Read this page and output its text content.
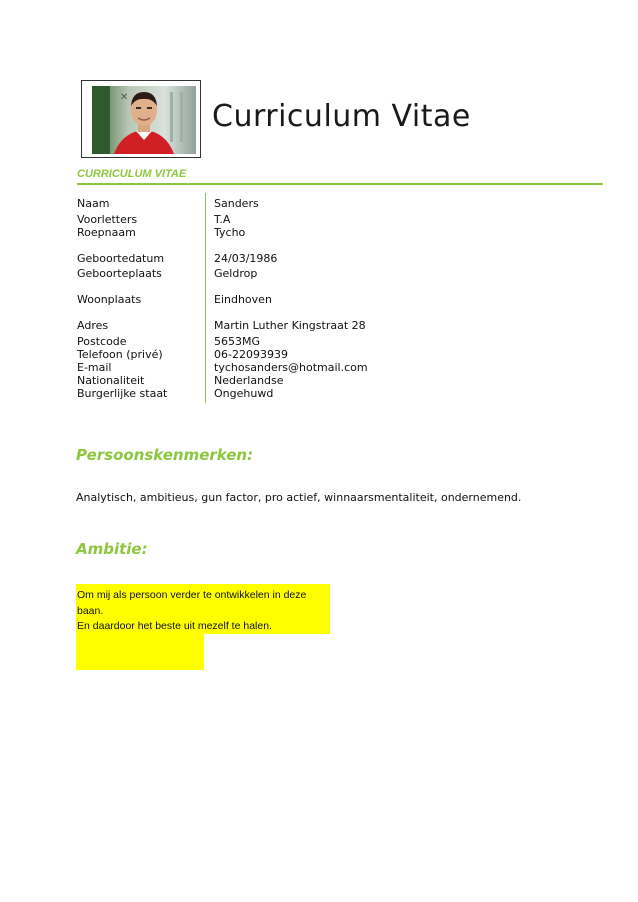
✕
Curriculum Vitae
CURRICULUM VITAE
Naam	Sanders
Voorletters	T.A
Roepnaam	Tycho
Geboortedatum	24/03/1986
Geboorteplaats	Geldrop
Woonplaats	Eindhoven
Adres	Martin Luther Kingstraat 28
Postcode	5653MG
Telefoon (privé)	06-22093939
E-mail	tychosanders@hotmail.com
Nationaliteit	Nederlandse
Burgerlijke staat	Ongehuwd
Persoonskenmerken:
Analytisch, ambitieus, gun factor, pro actief, winnaarsmentaliteit, ondernemend.
Ambitie:
Om mij als persoon verder te ontwikkelen in deze
baan.
En daardoor het beste uit mezelf te halen.
